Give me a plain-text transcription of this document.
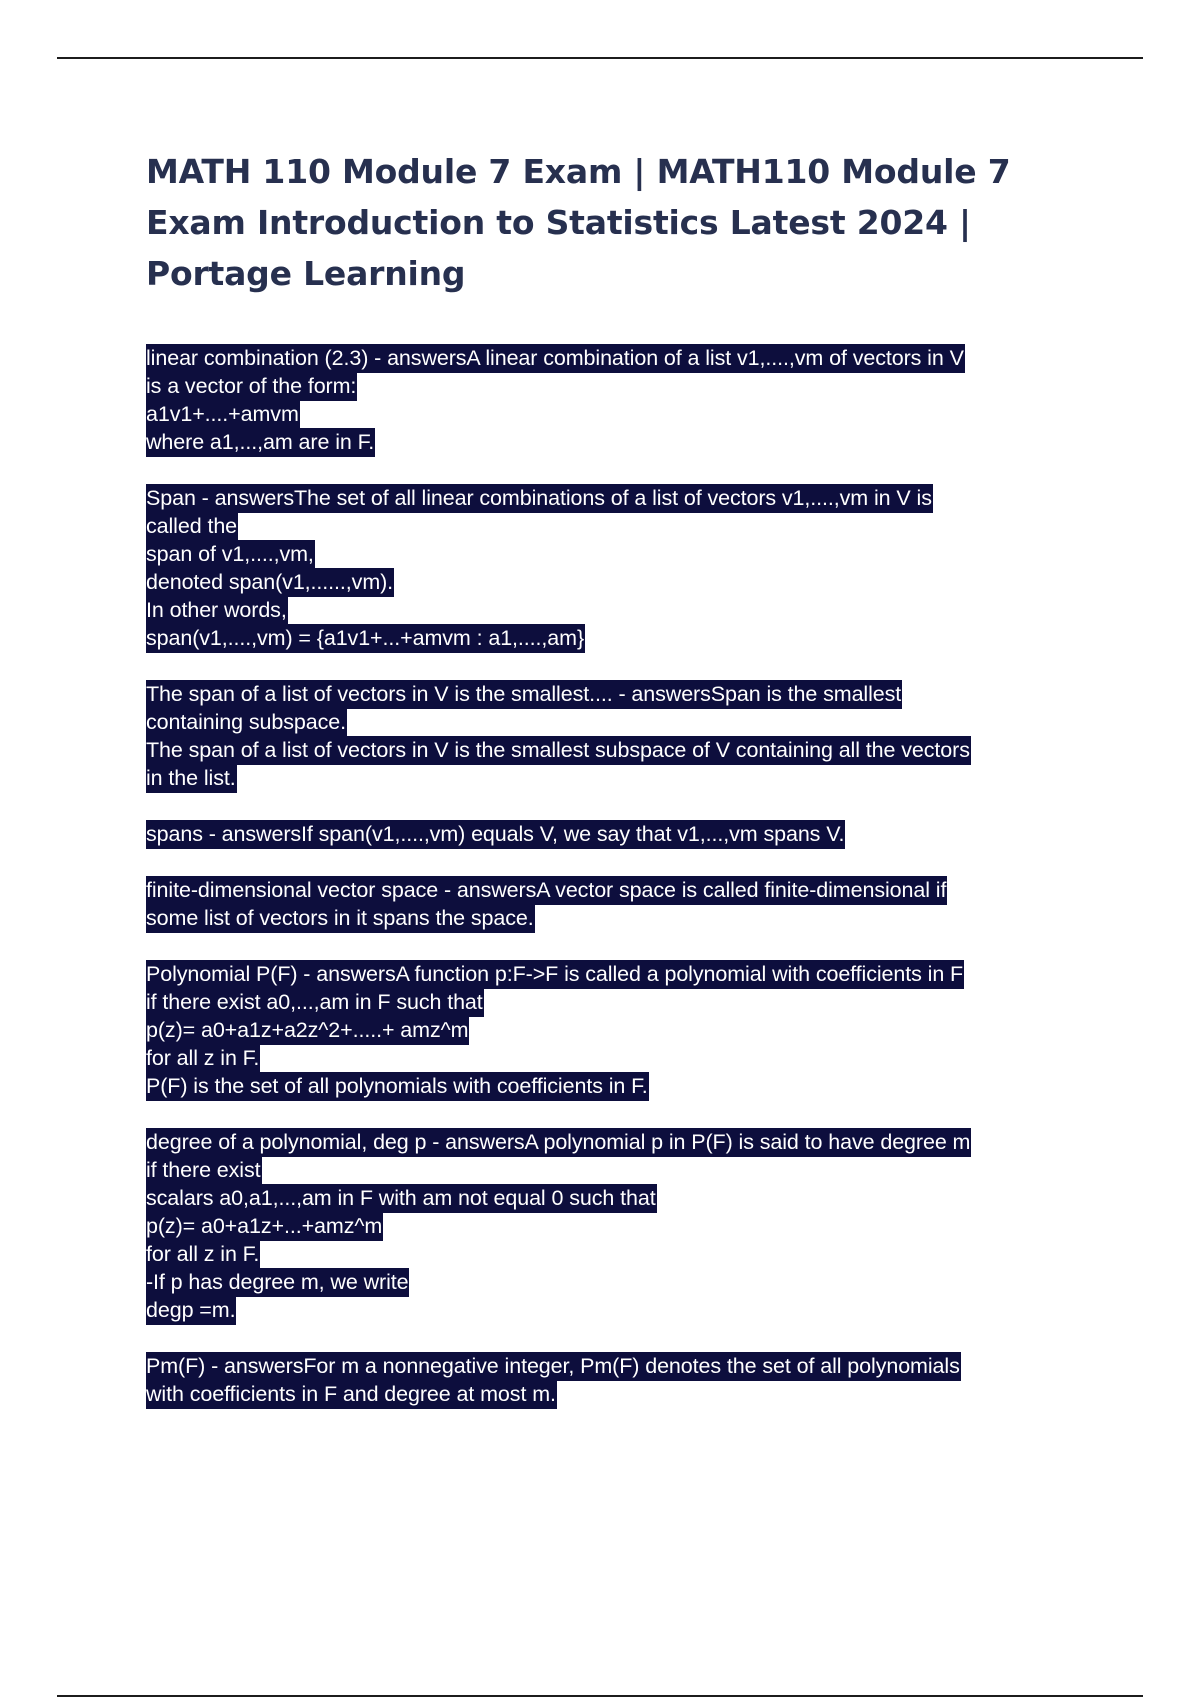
MATH 110 Module 7 Exam | MATH110 Module 7 Exam Introduction to Statistics Latest 2024 | Portage Learning
linear combination (2.3) - answersA linear combination of a list v1,....,vm of vectors in V
is a vector of the form:
a1v1+....+amvm
where a1,...,am are in F.
Span - answersThe set of all linear combinations of a list of vectors v1,....,vm in V is
called the
span of v1,....,vm,
denoted span(v1,......,vm).
In other words,
span(v1,....,vm) = {a1v1+...+amvm : a1,....,am}
The span of a list of vectors in V is the smallest.... - answersSpan is the smallest
containing subspace.
The span of a list of vectors in V is the smallest subspace of V containing all the vectors
in the list.
spans - answersIf span(v1,....,vm) equals V, we say that v1,...,vm spans V.
finite-dimensional vector space - answersA vector space is called finite-dimensional if
some list of vectors in it spans the space.
Polynomial P(F) - answersA function p:F->F is called a polynomial with coefficients in F
if there exist a0,...,am in F such that
p(z)= a0+a1z+a2z^2+.....+ amz^m
for all z in F.
P(F) is the set of all polynomials with coefficients in F.
degree of a polynomial, deg p - answersA polynomial p in P(F) is said to have degree m
if there exist
scalars a0,a1,...,am in F with am not equal 0 such that
p(z)= a0+a1z+...+amz^m
for all z in F.
-If p has degree m, we write
degp =m.
Pm(F) - answersFor m a nonnegative integer, Pm(F) denotes the set of all polynomials
with coefficients in F and degree at most m.
